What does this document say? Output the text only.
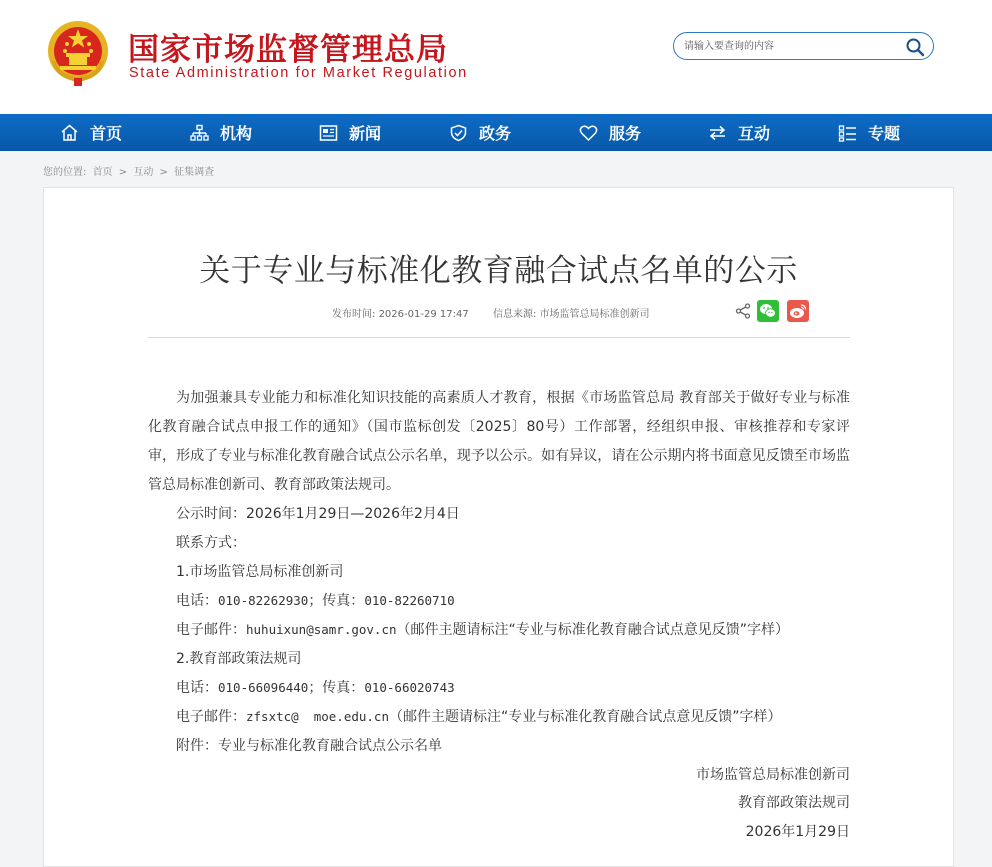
国家市场监督管理总局
State Administration for Market Regulation
请输入要查询的内容
首页	机构	新闻	政务	服务	互动	专题
您的位置: 首页 > 互动 > 征集调查
关于专业与标准化教育融合试点名单的公示
发布时间: 2026-01-29 17:47 信息来源: 市场监管总局标准创新司

为加强兼具专业能力和标准化知识技能的高素质人才教育，根据《市场监管总局 教育部关于做好专业与标准化教育融合试点申报工作的通知》（国市监标创发〔2025〕80号）工作部署，经组织申报、审核推荐和专家评审，形成了专业与标准化教育融合试点公示名单，现予以公示。如有异议，请在公示期内将书面意见反馈至市场监管总局标准创新司、教育部政策法规司。

公示时间：2026年1月29日—2026年2月4日
联系方式：
1.市场监管总局标准创新司
电话：010-82262930；传真：010-82260710
电子邮件：huhuixun@samr.gov.cn（邮件主题请标注“专业与标准化教育融合试点意见反馈”字样）
2.教育部政策法规司
电话：010-66096440；传真：010-66020743
电子邮件：zfsxtc@  moe.edu.cn（邮件主题请标注“专业与标准化教育融合试点意见反馈”字样）
附件：专业与标准化教育融合试点公示名单
市场监管总局标准创新司
教育部政策法规司
2026年1月29日
